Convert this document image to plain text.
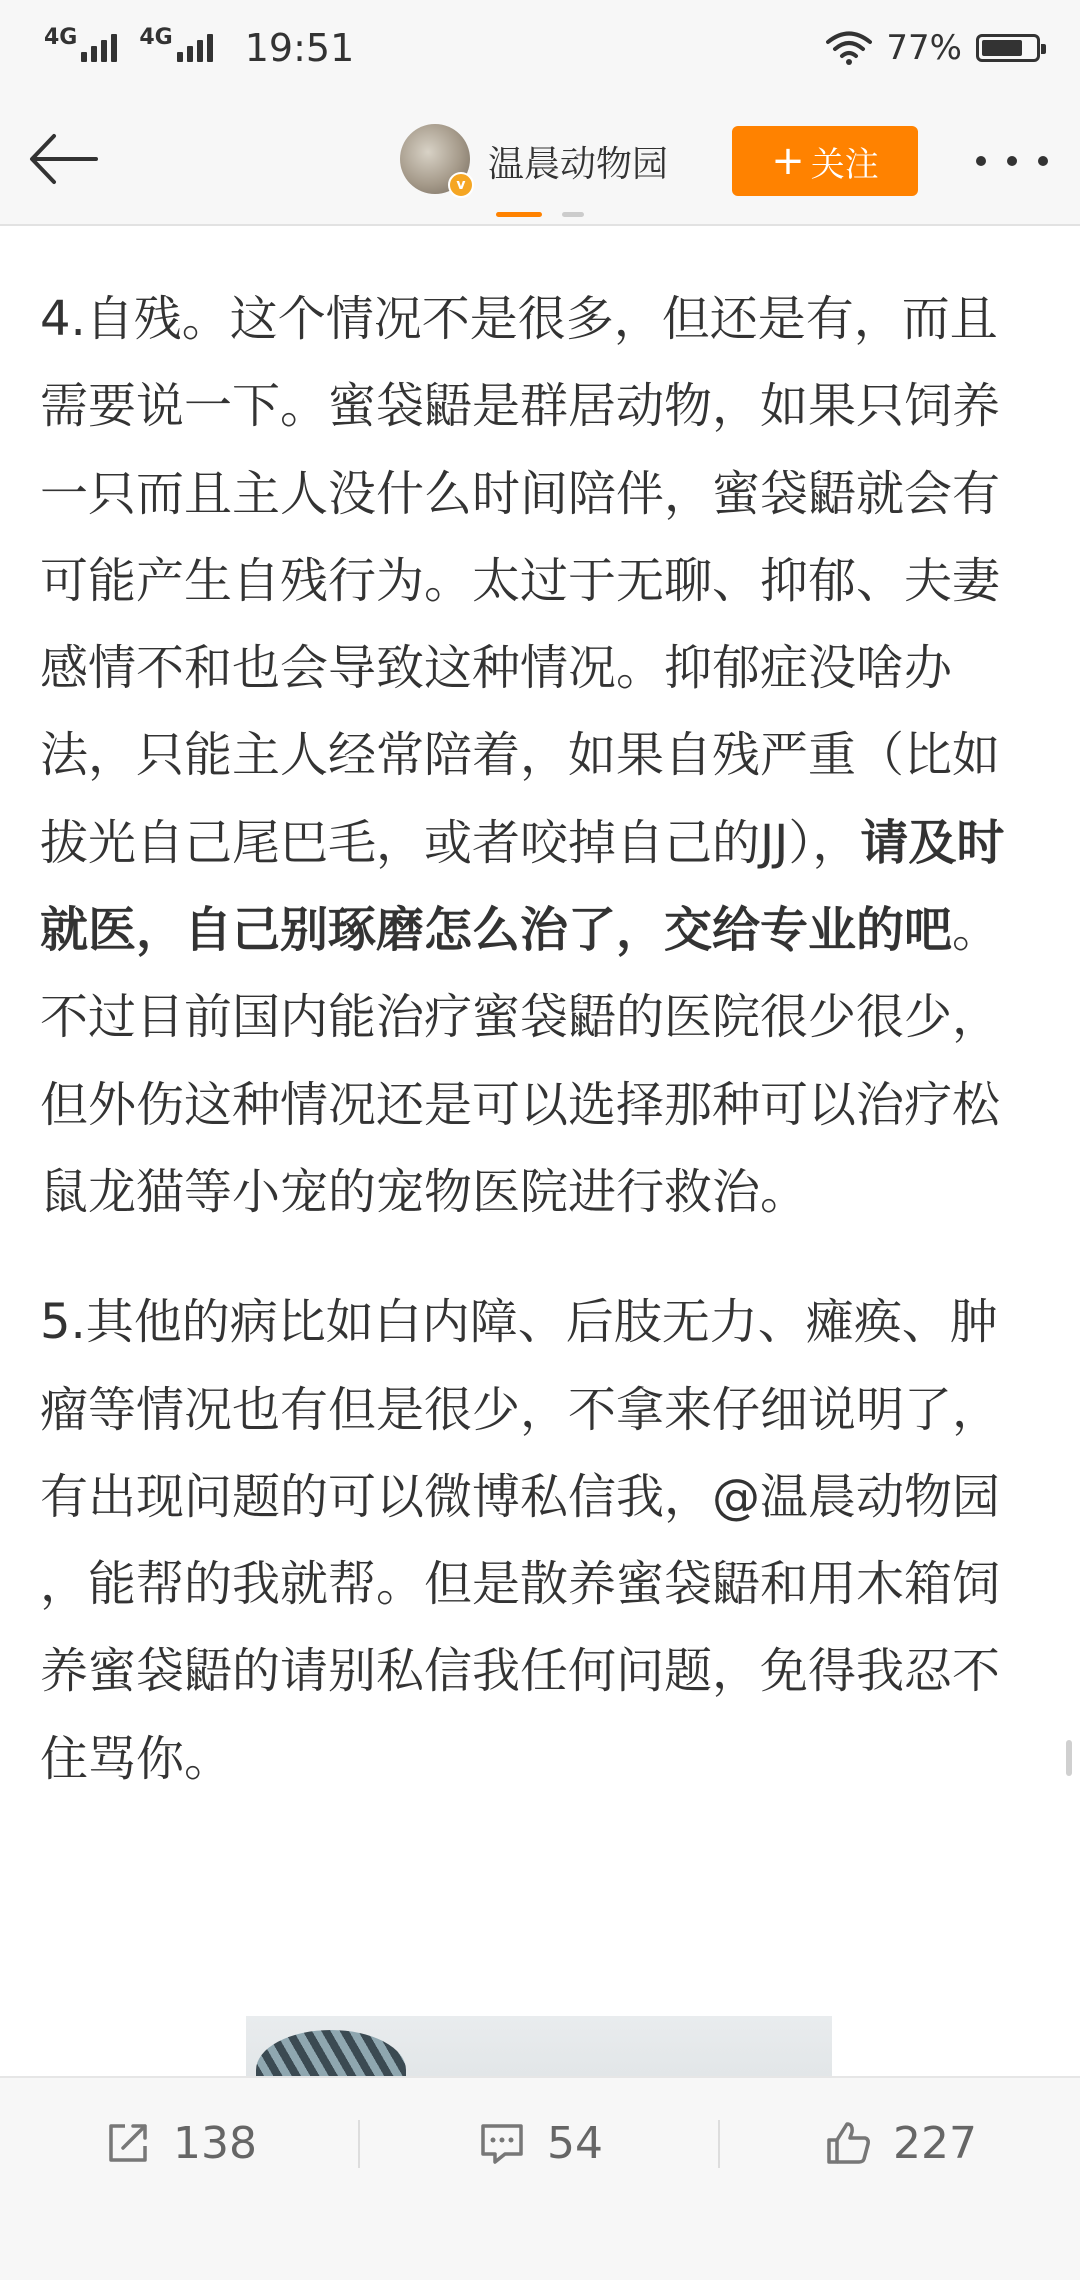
4G	4G 19:51	77%
v 温晨动物园	+ 关注

4.自残。这个情况不是很多，但还是有，而且需要说一下。蜜袋鼯是群居动物，如果只饲养一只而且主人没什么时间陪伴，蜜袋鼯就会有可能产生自残行为。太过于无聊、抑郁、夫妻感情不和也会导致这种情况。抑郁症没啥办法，只能主人经常陪着，如果自残严重（比如拔光自己尾巴毛，或者咬掉自己的JJ），请及时就医，自己别琢磨怎么治了，交给专业的吧。不过目前国内能治疗蜜袋鼯的医院很少很少，但外伤这种情况还是可以选择那种可以治疗松鼠龙猫等小宠的宠物医院进行救治。

5.其他的病比如白内障、后肢无力、瘫痪、肿瘤等情况也有但是很少，不拿来仔细说明了，有出现问题的可以微博私信我，@温晨动物园 ，能帮的我就帮。但是散养蜜袋鼯和用木箱饲养蜜袋鼯的请别私信我任何问题，免得我忍不住骂你。

138	54	227
